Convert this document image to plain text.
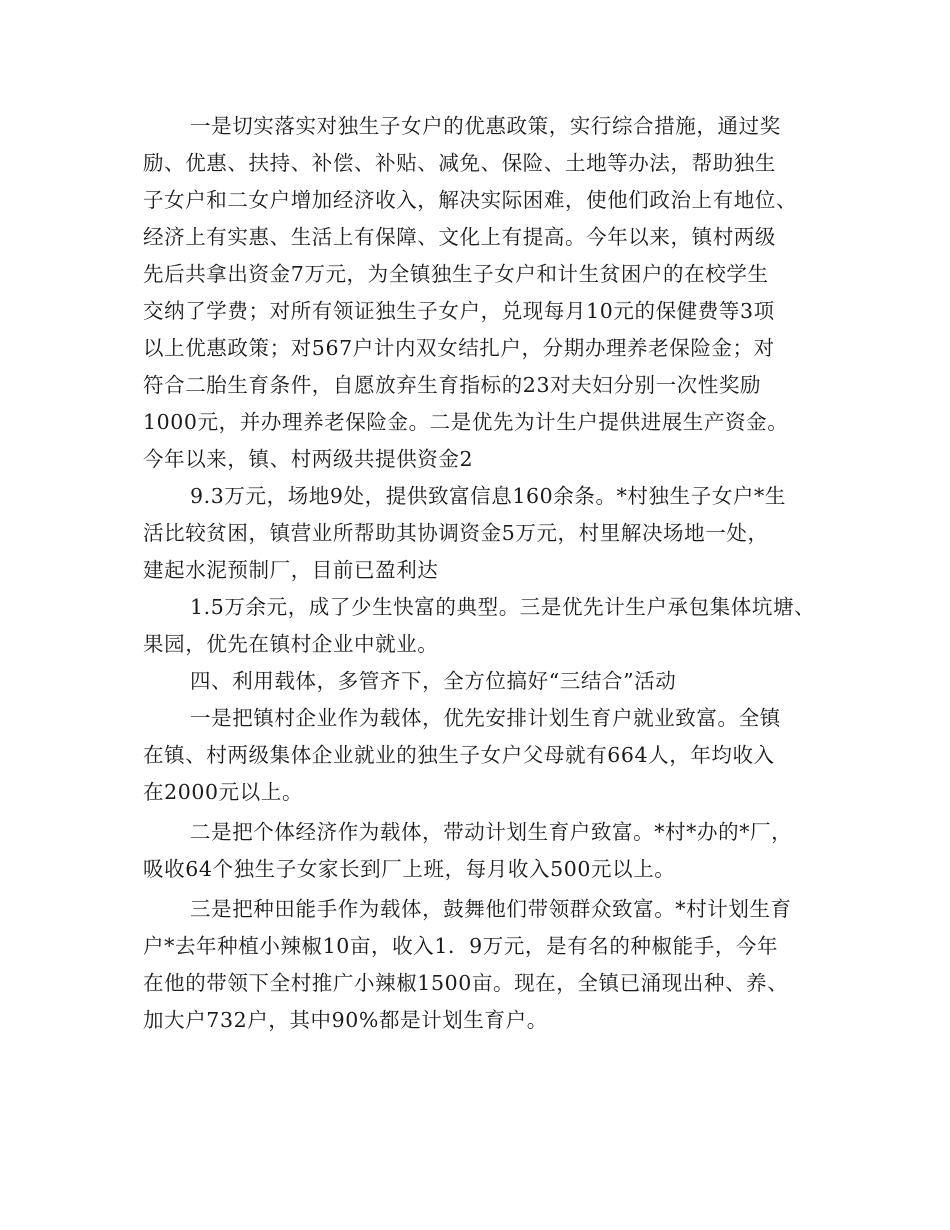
一是切实落实对独生子女户的优惠政策，实行综合措施，通过奖
励、优惠、扶持、补偿、补贴、减免、保险、土地等办法，帮助独生
子女户和二女户增加经济收入，解决实际困难，使他们政治上有地位、
经济上有实惠、生活上有保障、文化上有提高。今年以来，镇村两级
先后共拿出资金7万元，为全镇独生子女户和计生贫困户的在校学生
交纳了学费；对所有领证独生子女户，兑现每月10元的保健费等3项
以上优惠政策；对567户计内双女结扎户，分期办理养老保险金；对
符合二胎生育条件，自愿放弃生育指标的23对夫妇分别一次性奖励
1000元，并办理养老保险金。二是优先为计生户提供进展生产资金。
今年以来，镇、村两级共提供资金2
9.3万元，场地9处，提供致富信息160余条。*村独生子女户*生
活比较贫困，镇营业所帮助其协调资金5万元，村里解决场地一处，
建起水泥预制厂，目前已盈利达
1.5万余元，成了少生快富的典型。三是优先计生户承包集体坑塘、
果园，优先在镇村企业中就业。
四、利用载体，多管齐下，全方位搞好“三结合”活动
一是把镇村企业作为载体，优先安排计划生育户就业致富。全镇
在镇、村两级集体企业就业的独生子女户父母就有664人，年均收入
在2000元以上。
二是把个体经济作为载体，带动计划生育户致富。*村*办的*厂，
吸收64个独生子女家长到厂上班，每月收入500元以上。
三是把种田能手作为载体，鼓舞他们带领群众致富。*村计划生育
户*去年种植小辣椒10亩，收入1．9万元，是有名的种椒能手，今年
在他的带领下全村推广小辣椒1500亩。现在，全镇已涌现出种、养、
加大户732户，其中90%都是计划生育户。
